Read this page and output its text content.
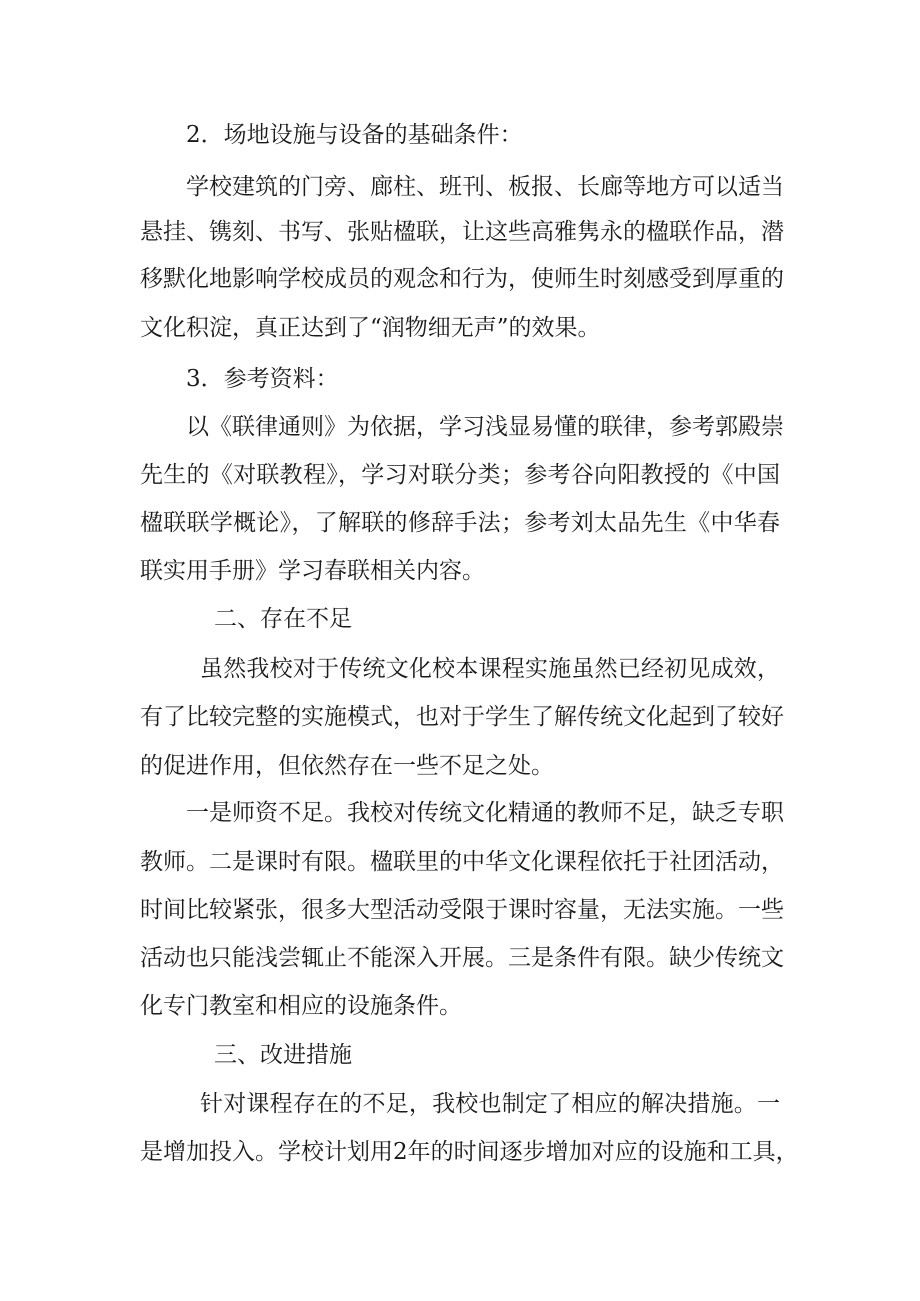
2．场地设施与设备的基础条件：
学校建筑的门旁、廊柱、班刊、板报、长廊等地方可以适当
悬挂、镌刻、书写、张贴楹联，让这些高雅隽永的楹联作品，潜
移默化地影响学校成员的观念和行为，使师生时刻感受到厚重的
文化积淀，真正达到了“润物细无声”的效果。
3．参考资料：
以《联律通则》为依据，学习浅显易懂的联律，参考郭殿崇
先生的《对联教程》，学习对联分类；参考谷向阳教授的《中国
楹联联学概论》，了解联的修辞手法；参考刘太品先生《中华春
联实用手册》学习春联相关内容。
二、存在不足
虽然我校对于传统文化校本课程实施虽然已经初见成效，
有了比较完整的实施模式，也对于学生了解传统文化起到了较好
的促进作用，但依然存在一些不足之处。
一是师资不足。我校对传统文化精通的教师不足，缺乏专职
教师。二是课时有限。楹联里的中华文化课程依托于社团活动，
时间比较紧张，很多大型活动受限于课时容量，无法实施。一些
活动也只能浅尝辄止不能深入开展。三是条件有限。缺少传统文
化专门教室和相应的设施条件。
三、改进措施
针对课程存在的不足，我校也制定了相应的解决措施。一
是增加投入。学校计划用2年的时间逐步增加对应的设施和工具，
